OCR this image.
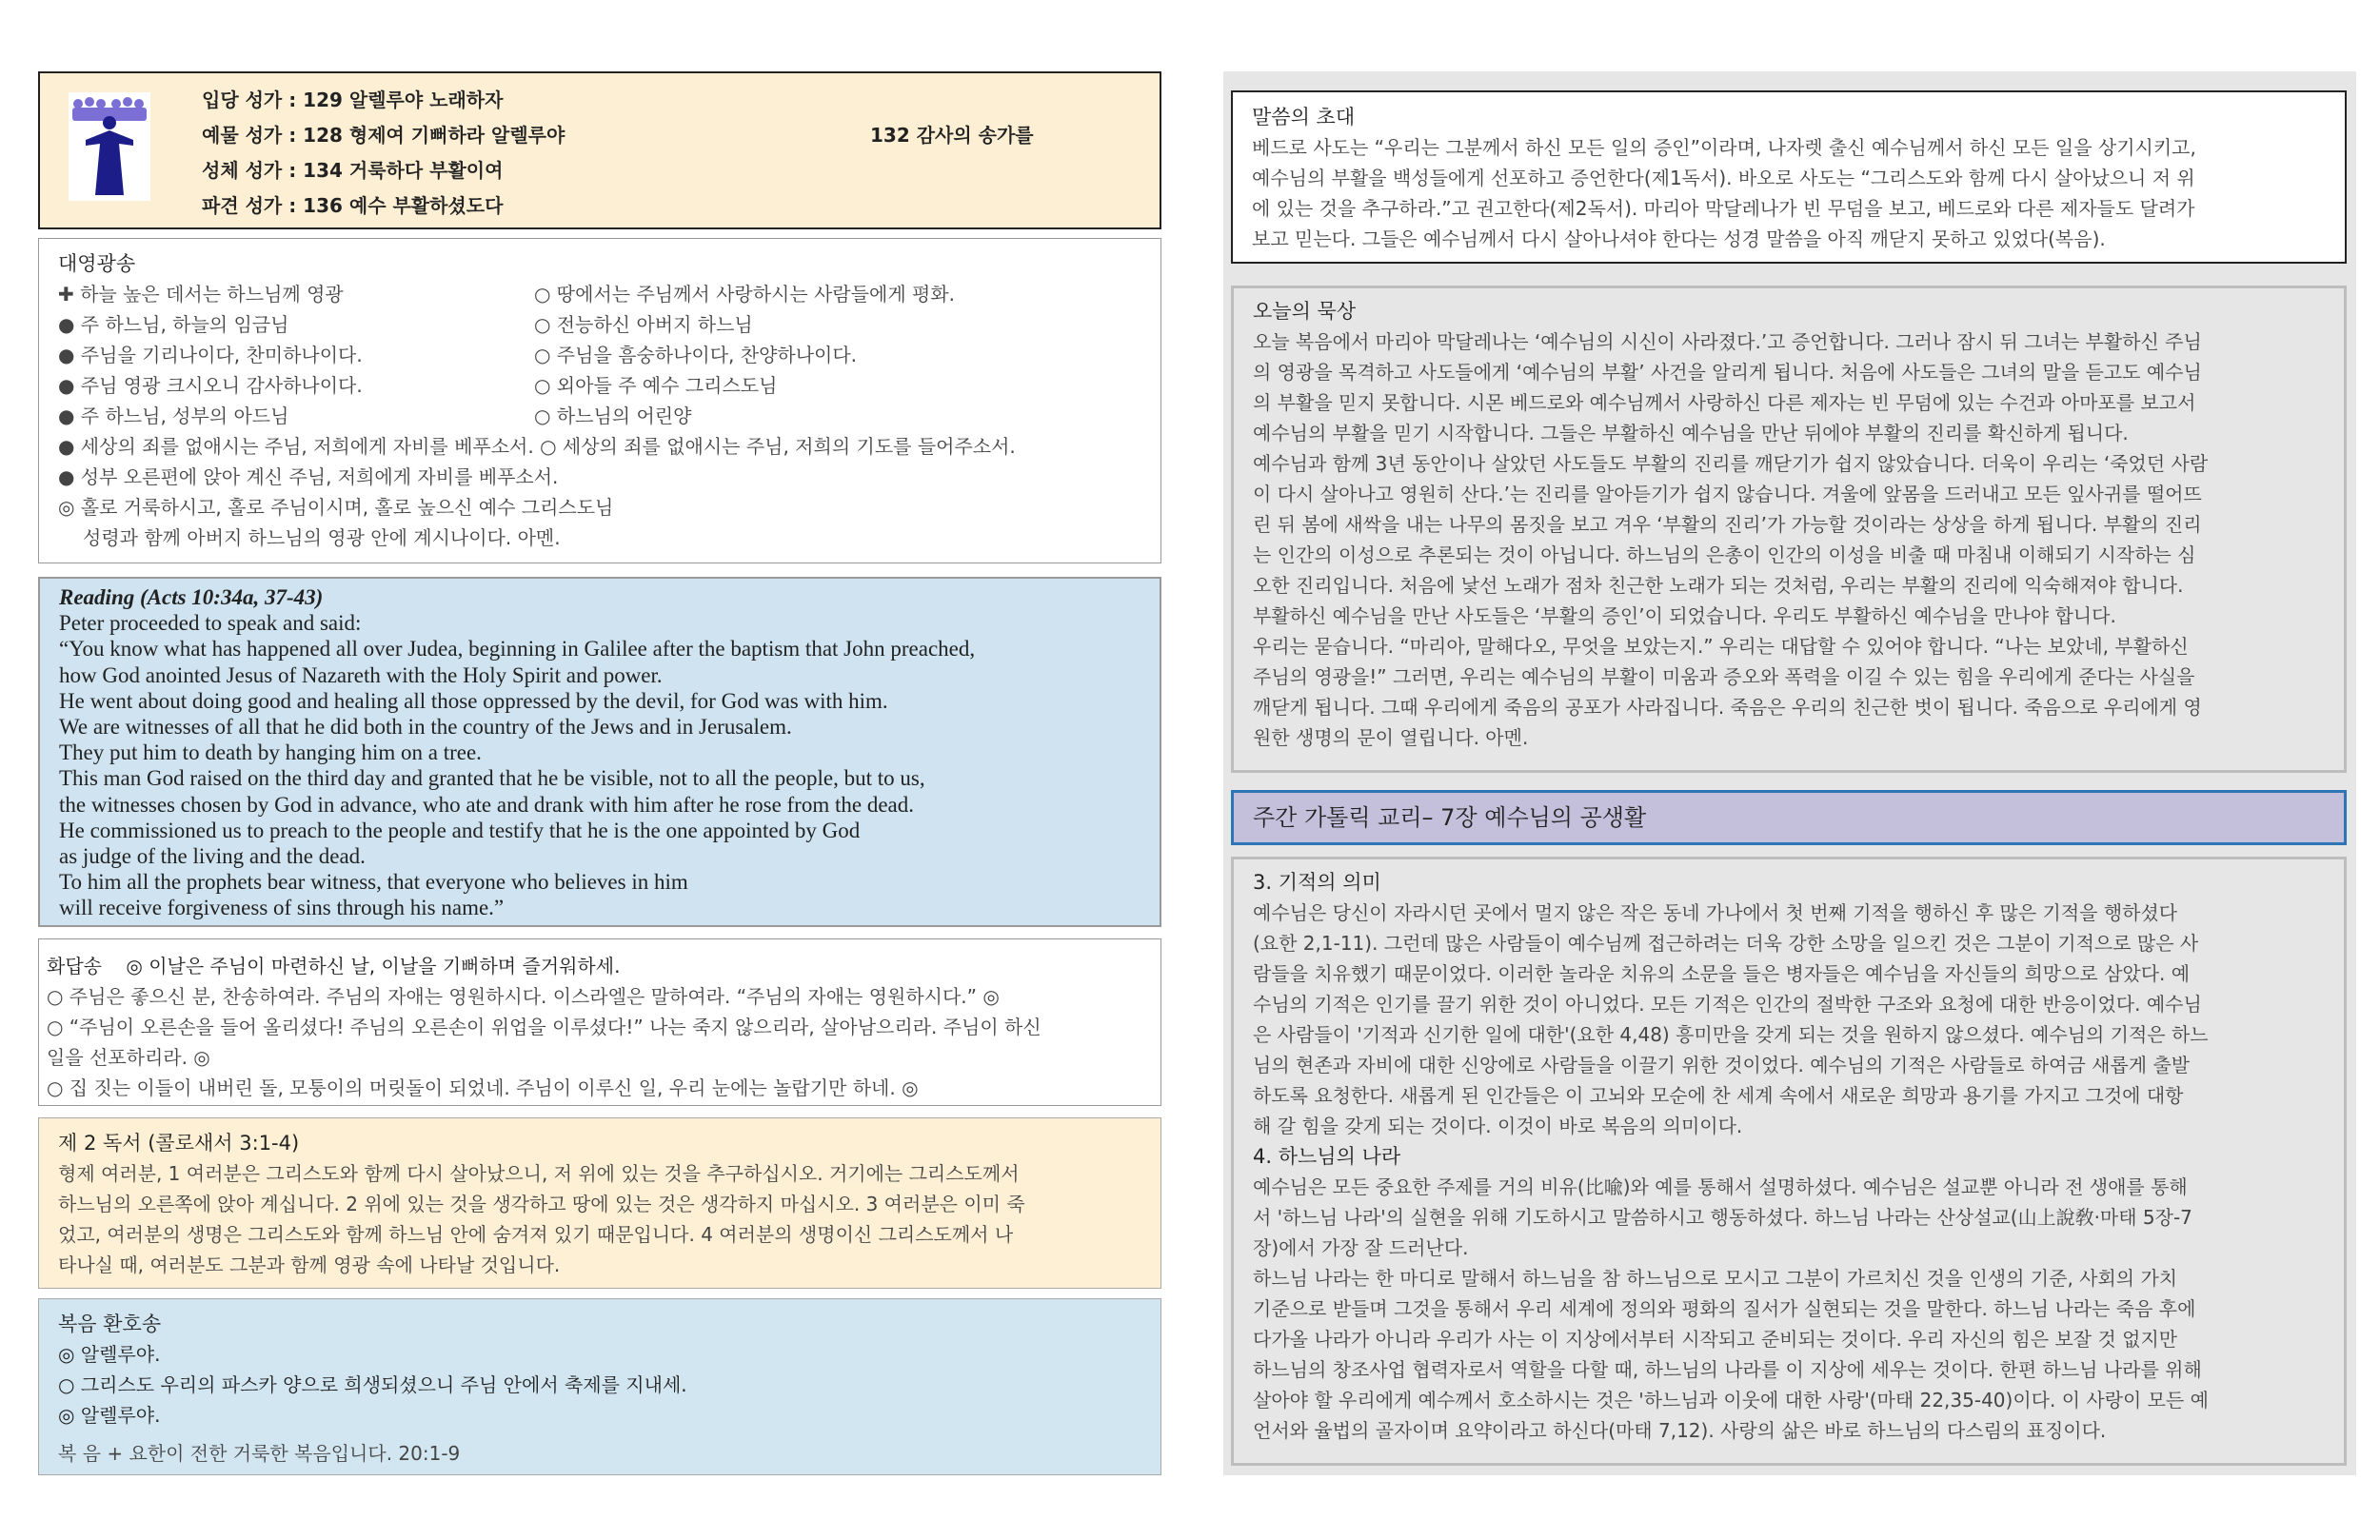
입당 성가 : 129 알렐루야 노래하자
예물 성가 : 128 형제여 기뻐하라 알렐루야	132 감사의 송가를
성체 성가 : 134 거룩하다 부활이여
파견 성가 : 136 예수 부활하셨도다
대영광송
✚ 하늘 높은 데서는 하느님께 영광
● 주 하느님, 하늘의 임금님
● 주님을 기리나이다, 찬미하나이다.
● 주님 영광 크시오니 감사하나이다.
● 주 하느님, 성부의 아드님
● 세상의 죄를 없애시는 주님, 저희에게 자비를 베푸소서. ○ 세상의 죄를 없애시는 주님, 저희의 기도를 들어주소서.
● 성부 오른편에 앉아 계신 주님, 저희에게 자비를 베푸소서.
◎ 홀로 거룩하시고, 홀로 주님이시며, 홀로 높으신 예수 그리스도님
성령과 함께 아버지 하느님의 영광 안에 계시나이다. 아멘.
○ 땅에서는 주님께서 사랑하시는 사람들에게 평화.
○ 전능하신 아버지 하느님
○ 주님을 흠숭하나이다, 찬양하나이다.
○ 외아들 주 예수 그리스도님
○ 하느님의 어린양
Reading (Acts 10:34a, 37-43)
Peter proceeded to speak and said:
“You know what has happened all over Judea, beginning in Galilee after the baptism that John preached,
how God anointed Jesus of Nazareth with the Holy Spirit and power.
He went about doing good and healing all those oppressed by the devil, for God was with him.
We are witnesses of all that he did both in the country of the Jews and in Jerusalem.
They put him to death by hanging him on a tree.
This man God raised on the third day and granted that he be visible, not to all the people, but to us,
the witnesses chosen by God in advance, who ate and drank with him after he rose from the dead.
He commissioned us to preach to the people and testify that he is the one appointed by God
as judge of the living and the dead.
To him all the prophets bear witness, that everyone who believes in him
will receive forgiveness of sins through his name.”
화답송 ◎ 이날은 주님이 마련하신 날, 이날을 기뻐하며 즐거워하세.
○ 주님은 좋으신 분, 찬송하여라. 주님의 자애는 영원하시다. 이스라엘은 말하여라. “주님의 자애는 영원하시다.” ◎
○ “주님이 오른손을 들어 올리셨다! 주님의 오른손이 위업을 이루셨다!” 나는 죽지 않으리라, 살아남으리라. 주님이 하신
일을 선포하리라. ◎
○ 집 짓는 이들이 내버린 돌, 모퉁이의 머릿돌이 되었네. 주님이 이루신 일, 우리 눈에는 놀랍기만 하네. ◎
제 2 독서 (콜로새서 3:1-4)
형제 여러분, 1 여러분은 그리스도와 함께 다시 살아났으니, 저 위에 있는 것을 추구하십시오. 거기에는 그리스도께서
하느님의 오른쪽에 앉아 계십니다. 2 위에 있는 것을 생각하고 땅에 있는 것은 생각하지 마십시오. 3 여러분은 이미 죽
었고, 여러분의 생명은 그리스도와 함께 하느님 안에 숨겨져 있기 때문입니다. 4 여러분의 생명이신 그리스도께서 나
타나실 때, 여러분도 그분과 함께 영광 속에 나타날 것입니다.
복음 환호송
◎ 알렐루야.
○ 그리스도 우리의 파스카 양으로 희생되셨으니 주님 안에서 축제를 지내세.
◎ 알렐루야.
복 음 + 요한이 전한 거룩한 복음입니다. 20:1-9
말씀의 초대
베드로 사도는 “우리는 그분께서 하신 모든 일의 증인”이라며, 나자렛 출신 예수님께서 하신 모든 일을 상기시키고,
예수님의 부활을 백성들에게 선포하고 증언한다(제1독서). 바오로 사도는 “그리스도와 함께 다시 살아났으니 저 위
에 있는 것을 추구하라.”고 권고한다(제2독서). 마리아 막달레나가 빈 무덤을 보고, 베드로와 다른 제자들도 달려가
보고 믿는다. 그들은 예수님께서 다시 살아나셔야 한다는 성경 말씀을 아직 깨닫지 못하고 있었다(복음).
오늘의 묵상
오늘 복음에서 마리아 막달레나는 ‘예수님의 시신이 사라졌다.’고 증언합니다. 그러나 잠시 뒤 그녀는 부활하신 주님
의 영광을 목격하고 사도들에게 ‘예수님의 부활’ 사건을 알리게 됩니다. 처음에 사도들은 그녀의 말을 듣고도 예수님
의 부활을 믿지 못합니다. 시몬 베드로와 예수님께서 사랑하신 다른 제자는 빈 무덤에 있는 수건과 아마포를 보고서
예수님의 부활을 믿기 시작합니다. 그들은 부활하신 예수님을 만난 뒤에야 부활의 진리를 확신하게 됩니다.
예수님과 함께 3년 동안이나 살았던 사도들도 부활의 진리를 깨닫기가 쉽지 않았습니다. 더욱이 우리는 ‘죽었던 사람
이 다시 살아나고 영원히 산다.’는 진리를 알아듣기가 쉽지 않습니다. 겨울에 앞몸을 드러내고 모든 잎사귀를 떨어뜨
린 뒤 봄에 새싹을 내는 나무의 몸짓을 보고 겨우 ‘부활의 진리’가 가능할 것이라는 상상을 하게 됩니다. 부활의 진리
는 인간의 이성으로 추론되는 것이 아닙니다. 하느님의 은총이 인간의 이성을 비출 때 마침내 이해되기 시작하는 심
오한 진리입니다. 처음에 낯선 노래가 점차 친근한 노래가 되는 것처럼, 우리는 부활의 진리에 익숙해져야 합니다.
부활하신 예수님을 만난 사도들은 ‘부활의 증인’이 되었습니다. 우리도 부활하신 예수님을 만나야 합니다.
우리는 묻습니다. “마리아, 말해다오, 무엇을 보았는지.” 우리는 대답할 수 있어야 합니다. “나는 보았네, 부활하신
주님의 영광을!” 그러면, 우리는 예수님의 부활이 미움과 증오와 폭력을 이길 수 있는 힘을 우리에게 준다는 사실을
깨닫게 됩니다. 그때 우리에게 죽음의 공포가 사라집니다. 죽음은 우리의 친근한 벗이 됩니다. 죽음으로 우리에게 영
원한 생명의 문이 열립니다. 아멘.
주간 가톨릭 교리– 7장 예수님의 공생활
3. 기적의 의미
예수님은 당신이 자라시던 곳에서 멀지 않은 작은 동네 가나에서 첫 번째 기적을 행하신 후 많은 기적을 행하셨다
(요한 2,1-11). 그런데 많은 사람들이 예수님께 접근하려는 더욱 강한 소망을 일으킨 것은 그분이 기적으로 많은 사
람들을 치유했기 때문이었다. 이러한 놀라운 치유의 소문을 들은 병자들은 예수님을 자신들의 희망으로 삼았다. 예
수님의 기적은 인기를 끌기 위한 것이 아니었다. 모든 기적은 인간의 절박한 구조와 요청에 대한 반응이었다. 예수님
은 사람들이 '기적과 신기한 일에 대한'(요한 4,48) 흥미만을 갖게 되는 것을 원하지 않으셨다. 예수님의 기적은 하느
님의 현존과 자비에 대한 신앙에로 사람들을 이끌기 위한 것이었다. 예수님의 기적은 사람들로 하여금 새롭게 출발
하도록 요청한다. 새롭게 된 인간들은 이 고뇌와 모순에 찬 세계 속에서 새로운 희망과 용기를 가지고 그것에 대항
해 갈 힘을 갖게 되는 것이다. 이것이 바로 복음의 의미이다.
4. 하느님의 나라
예수님은 모든 중요한 주제를 거의 비유(比喩)와 예를 통해서 설명하셨다. 예수님은 설교뿐 아니라 전 생애를 통해
서 '하느님 나라'의 실현을 위해 기도하시고 말씀하시고 행동하셨다. 하느님 나라는 산상설교(山上說敎·마태 5장-7
장)에서 가장 잘 드러난다.
하느님 나라는 한 마디로 말해서 하느님을 참 하느님으로 모시고 그분이 가르치신 것을 인생의 기준, 사회의 가치
기준으로 받들며 그것을 통해서 우리 세계에 정의와 평화의 질서가 실현되는 것을 말한다. 하느님 나라는 죽음 후에
다가올 나라가 아니라 우리가 사는 이 지상에서부터 시작되고 준비되는 것이다. 우리 자신의 힘은 보잘 것 없지만
하느님의 창조사업 협력자로서 역할을 다할 때, 하느님의 나라를 이 지상에 세우는 것이다. 한편 하느님 나라를 위해
살아야 할 우리에게 예수께서 호소하시는 것은 '하느님과 이웃에 대한 사랑'(마태 22,35-40)이다. 이 사랑이 모든 예
언서와 율법의 골자이며 요약이라고 하신다(마태 7,12). 사랑의 삶은 바로 하느님의 다스림의 표징이다.
